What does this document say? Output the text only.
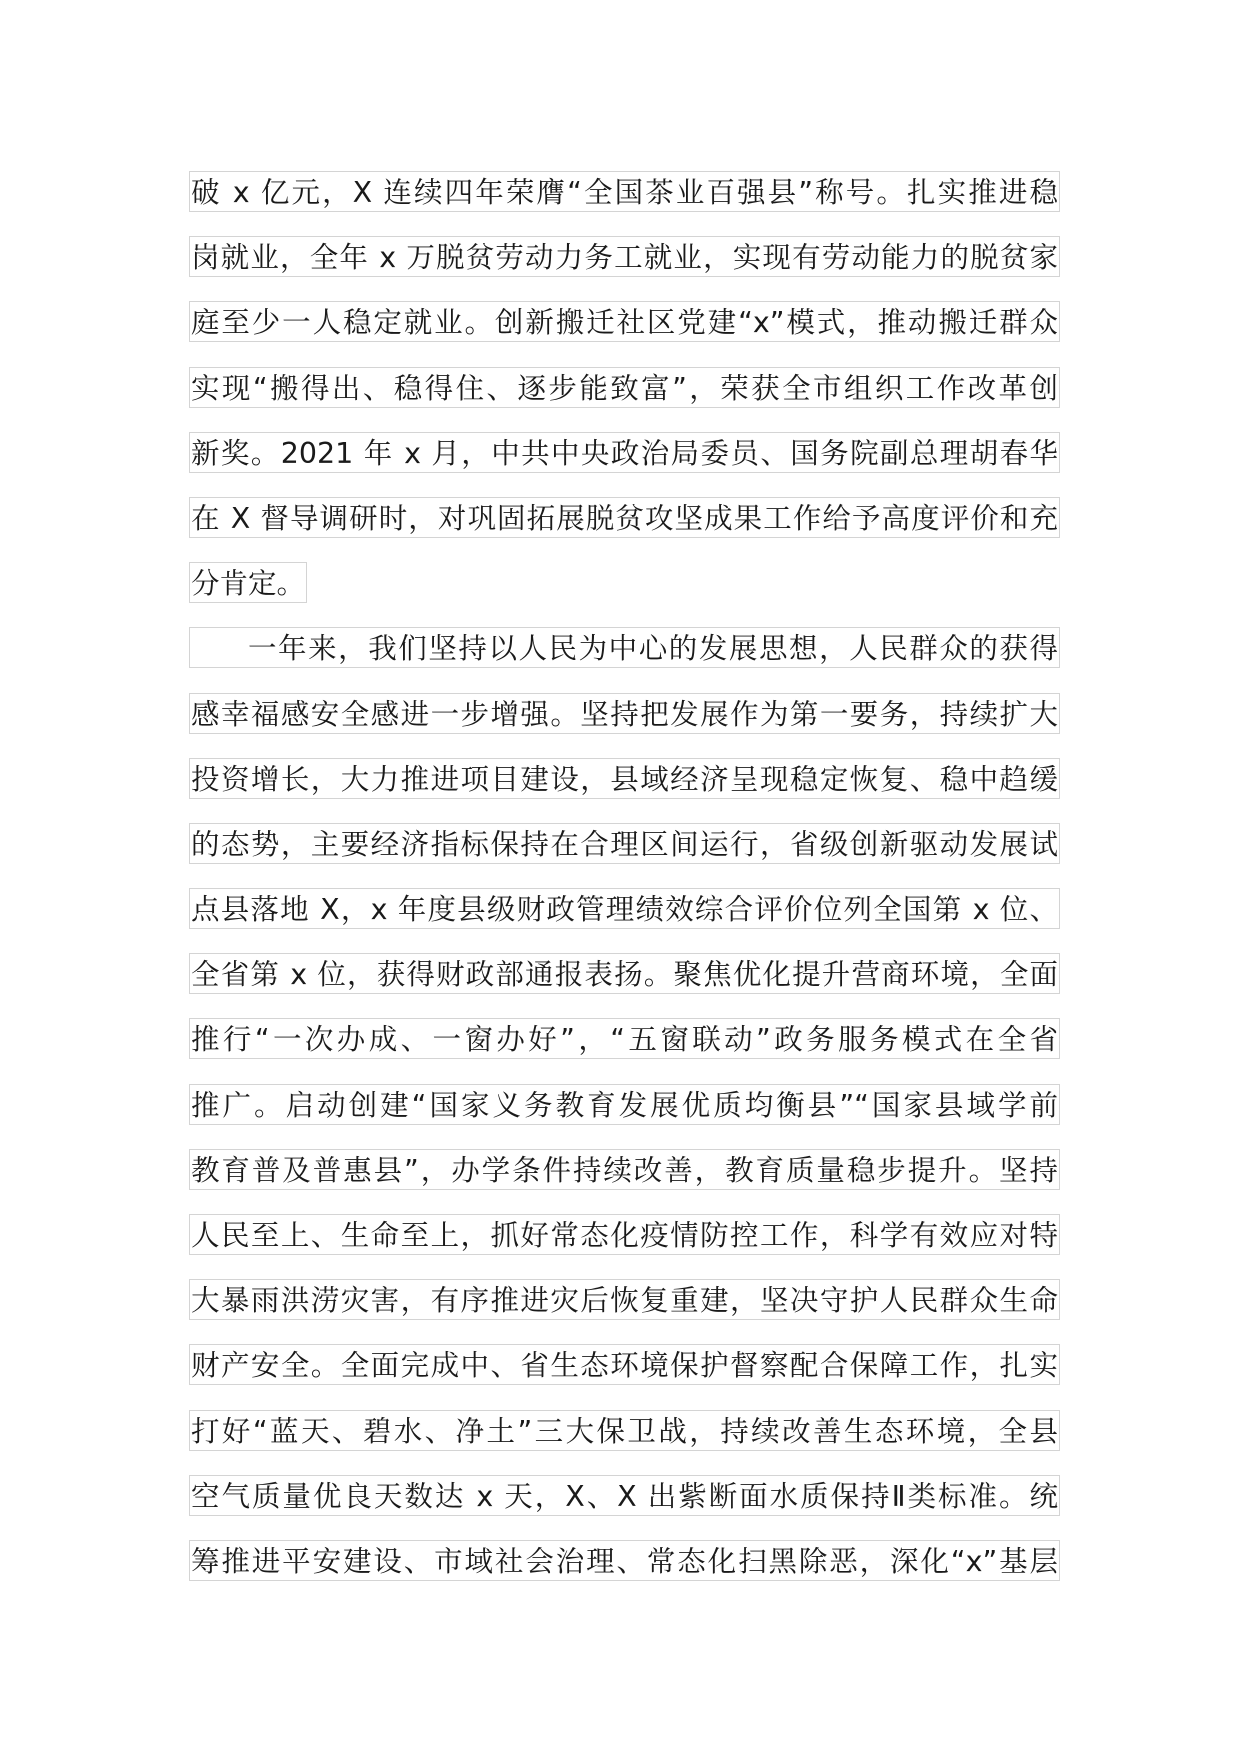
破 x 亿元，X 连续四年荣膺“全国茶业百强县”称号。扎实推进稳
岗就业，全年 x 万脱贫劳动力务工就业，实现有劳动能力的脱贫家
庭至少一人稳定就业。创新搬迁社区党建“x”模式，推动搬迁群众
实现“搬得出、稳得住、逐步能致富”，荣获全市组织工作改革创
新奖。2021 年 x 月，中共中央政治局委员、国务院副总理胡春华
在 X 督导调研时，对巩固拓展脱贫攻坚成果工作给予高度评价和充
分肯定。
一年来，我们坚持以人民为中心的发展思想，人民群众的获得
感幸福感安全感进一步增强。坚持把发展作为第一要务，持续扩大
投资增长，大力推进项目建设，县域经济呈现稳定恢复、稳中趋缓
的态势，主要经济指标保持在合理区间运行，省级创新驱动发展试
点县落地 X，x 年度县级财政管理绩效综合评价位列全国第 x 位、
全省第 x 位，获得财政部通报表扬。聚焦优化提升营商环境，全面
推行“一次办成、一窗办好”，“五窗联动”政务服务模式在全省
推广。启动创建“国家义务教育发展优质均衡县”“国家县域学前
教育普及普惠县”，办学条件持续改善，教育质量稳步提升。坚持
人民至上、生命至上，抓好常态化疫情防控工作，科学有效应对特
大暴雨洪涝灾害，有序推进灾后恢复重建，坚决守护人民群众生命
财产安全。全面完成中、省生态环境保护督察配合保障工作，扎实
打好“蓝天、碧水、净土”三大保卫战，持续改善生态环境，全县
空气质量优良天数达 x 天，X、X 出紫断面水质保持Ⅱ类标准。统
筹推进平安建设、市域社会治理、常态化扫黑除恶，深化“x”基层
